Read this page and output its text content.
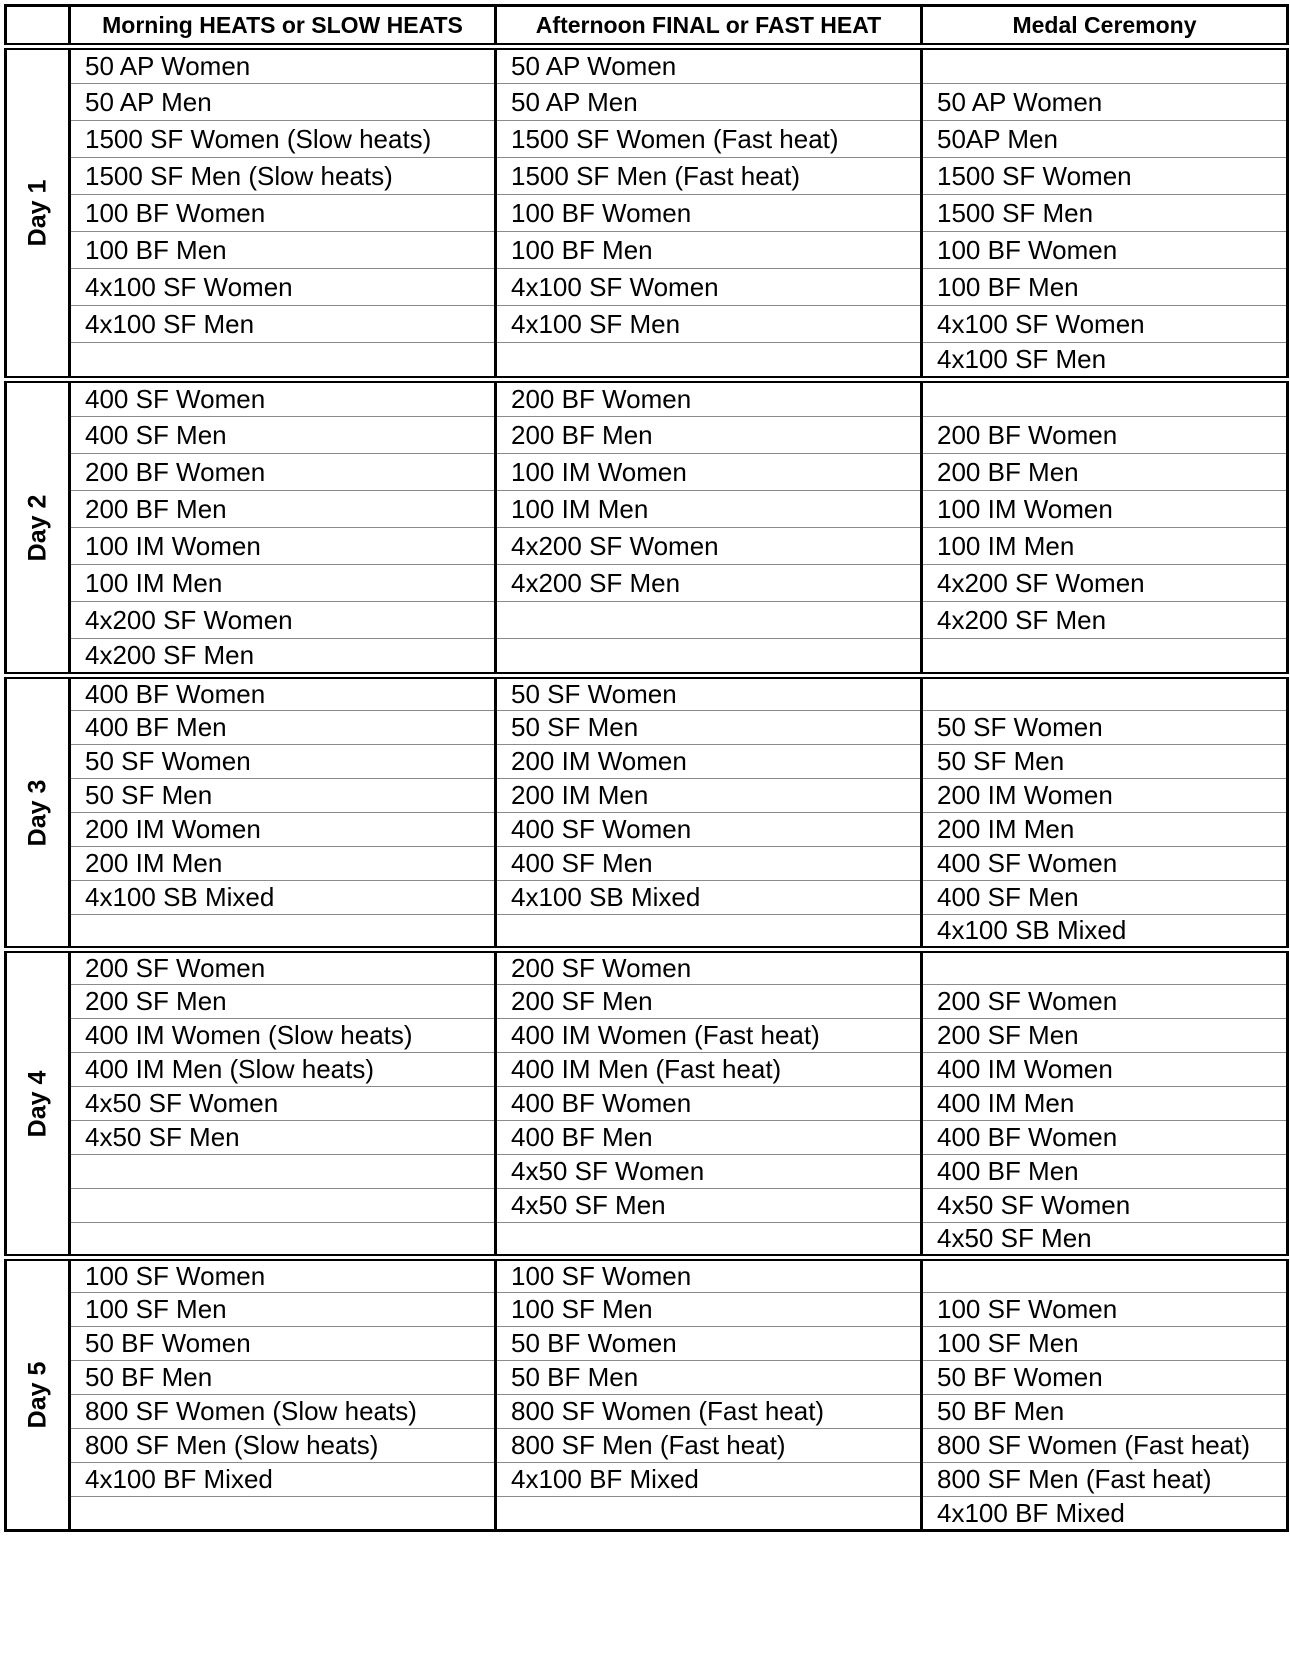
	Morning HEATS or SLOW HEATS	Afternoon FINAL or FAST HEAT	Medal Ceremony

Day 1	50 AP Women	50 AP Women	
	50 AP Men	50 AP Men	50 AP Women
	1500 SF Women (Slow heats)	1500 SF Women (Fast heat)	50AP Men
	1500 SF Men (Slow heats)	1500 SF Men (Fast heat)	1500 SF Women
	100 BF Women	100 BF Women	1500 SF Men
	100 BF Men	100 BF Men	100 BF Women
	4x100 SF Women	4x100 SF Women	100 BF Men
	4x100 SF Men	4x100 SF Men	4x100 SF Women
			4x100 SF Men

Day 2	400 SF Women	200 BF Women	
	400 SF Men	200 BF Men	200 BF Women
	200 BF Women	100 IM Women	200 BF Men
	200 BF Men	100 IM Men	100 IM Women
	100 IM Women	4x200 SF Women	100 IM Men
	100 IM Men	4x200 SF Men	4x200 SF Women
	4x200 SF Women		4x200 SF Men
	4x200 SF Men		

Day 3	400 BF Women	50 SF Women	
	400 BF Men	50 SF Men	50 SF Women
	50 SF Women	200 IM Women	50 SF Men
	50 SF Men	200 IM Men	200 IM Women
	200 IM Women	400 SF Women	200 IM Men
	200 IM Men	400 SF Men	400 SF Women
	4x100 SB Mixed	4x100 SB Mixed	400 SF Men
			4x100 SB Mixed

Day 4	200 SF Women	200 SF Women	
	200 SF Men	200 SF Men	200 SF Women
	400 IM Women (Slow heats)	400 IM Women (Fast heat)	200 SF Men
	400 IM Men (Slow heats)	400 IM Men (Fast heat)	400 IM Women
	4x50 SF Women	400 BF Women	400 IM Men
	4x50 SF Men	400 BF Men	400 BF Women
		4x50 SF Women	400 BF Men
		4x50 SF Men	4x50 SF Women
			4x50 SF Men

Day 5	100 SF Women	100 SF Women	
	100 SF Men	100 SF Men	100 SF Women
	50 BF Women	50 BF Women	100 SF Men
	50 BF Men	50 BF Men	50 BF Women
	800 SF Women (Slow heats)	800 SF Women (Fast heat)	50 BF Men
	800 SF Men (Slow heats)	800 SF Men (Fast heat)	800 SF Women (Fast heat)
	4x100 BF Mixed	4x100 BF Mixed	800 SF Men (Fast heat)
			4x100 BF Mixed
